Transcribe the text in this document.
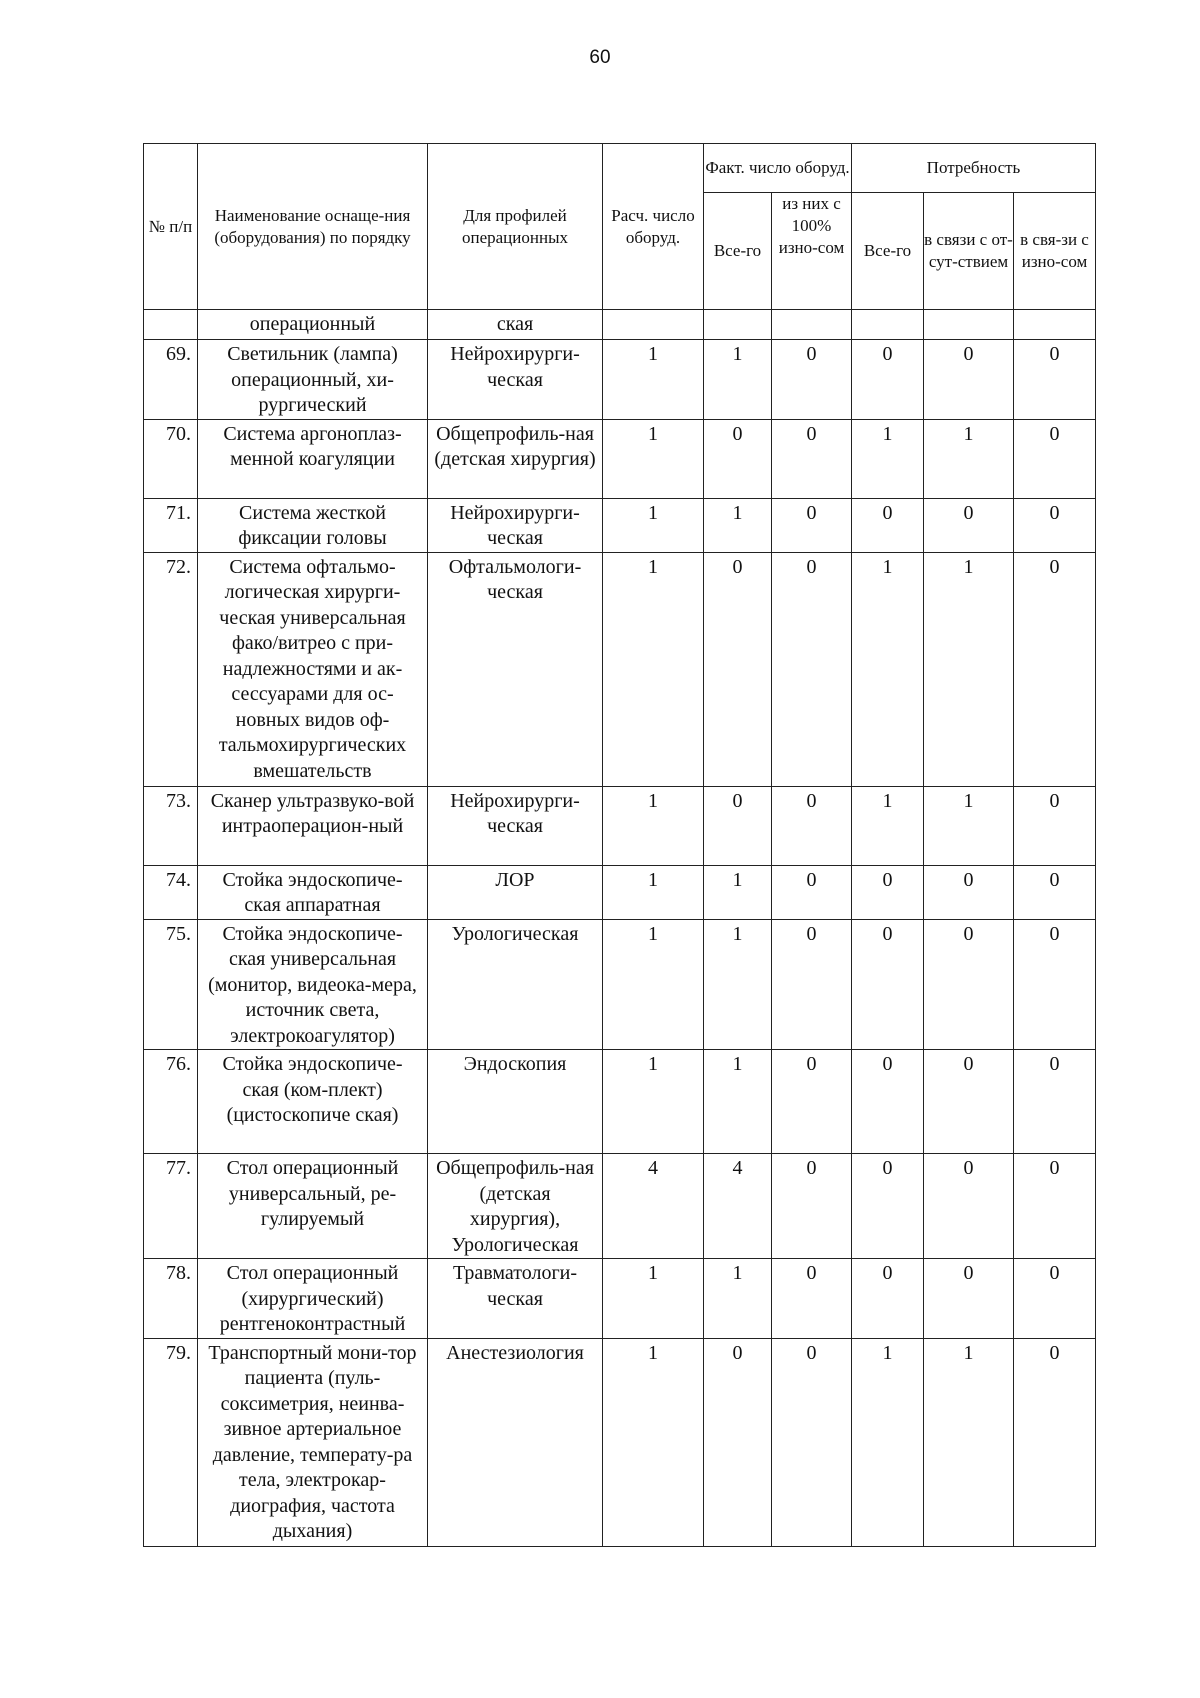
60
№ п/п	Наименование оснаще-ния (оборудования) по порядку	Для профилей операционных	Расч. число оборуд.	Факт. число оборуд.		Потребность		
				Все-го	из них с 100% изно-сом	Все-го	в связи с от-сут-ствием	в свя-зи с изно-сом
	операционный	ская						
69.	Светильник (лампа) операционный, хи-рургический	Нейрохирурги-ческая	1	1	0	0	0	0
70.	Система аргоноплаз-менной коагуляции	Общепрофиль-ная (детская хирургия)	1	0	0	1	1	0
71.	Система жесткой фиксации головы	Нейрохирурги-ческая	1	1	0	0	0	0
72.	Система офтальмо-логическая хирурги-ческая универсальная фако/витрео с при-надлежностями и ак-сессуарами для ос-новных видов оф-тальмохирургических вмешательств	Офтальмологи-ческая	1	0	0	1	1	0
73.	Сканер ультразвуко-вой интраоперацион-ный	Нейрохирурги-ческая	1	0	0	1	1	0
74.	Стойка эндоскопиче-ская аппаратная	ЛОР	1	1	0	0	0	0
75.	Стойка эндоскопиче-ская универсальная (монитор, видеока-мера, источник света, электрокоагулятор)	Урологическая	1	1	0	0	0	0
76.	Стойка эндоскопиче-ская (ком-плект)(цистоскопиче ская)	Эндоскопия	1	1	0	0	0	0
77.	Стол операционный универсальный, ре-гулируемый	Общепрофиль-ная (детская хирургия), Урологическая	4	4	0	0	0	0
78.	Стол операционный (хирургический) рентгеноконтрастный	Травматологи-ческая	1	1	0	0	0	0
79.	Транспортный мони-тор пациента (пуль-соксиметрия, неинва-зивное артериальное давление, температу-ра тела, электрокар-диография, частота дыхания)	Анестезиология	1	0	0	1	1	0
